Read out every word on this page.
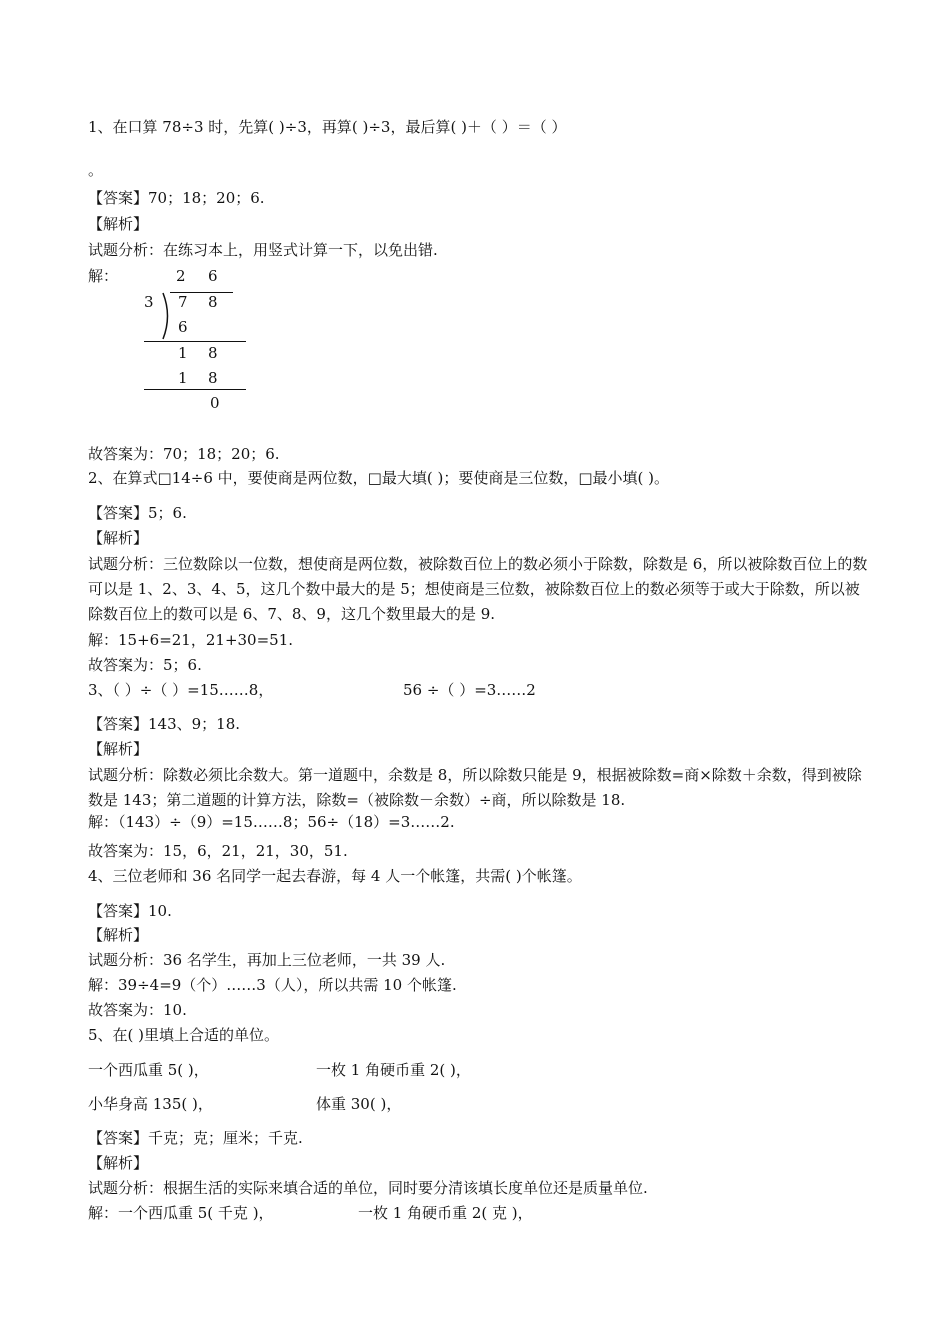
1、在口算 78÷3 时，先算( )÷3，再算( )÷3，最后算( )＋（ ）＝（ ）
。
【答案】70；18；20；6.
【解析】
试题分析：在练习本上，用竖式计算一下，以免出错.
解：	2 6
3 7 8
6
1 8
1 8
0
故答案为：70；18；20；6.
2、在算式□14÷6 中，要使商是两位数，□最大填( )；要使商是三位数，□最小填( )。
【答案】5；6.
【解析】
试题分析：三位数除以一位数，想使商是两位数，被除数百位上的数必须小于除数，除数是 6，所以被除数百位上的数可以是 1、2、3、4、5，这几个数中最大的是 5；想使商是三位数，被除数百位上的数必须等于或大于除数，所以被除数百位上的数可以是 6、7、8、9，这几个数里最大的是 9.
解：15+6=21，21+30=51.
故答案为：5；6.
3、（ ）÷（ ）=15……8，	56 ÷（ ）=3……2
【答案】143、9；18.
【解析】
试题分析：除数必须比余数大。第一道题中，余数是 8，所以除数只能是 9，根据被除数=商×除数＋余数，得到被除数是 143；第二道题的计算方法，除数=（被除数－余数）÷商，所以除数是 18.
解：（143）÷（9）=15……8；56÷（18）=3……2.
故答案为：15，6，21，21，30，51.
4、三位老师和 36 名同学一起去春游，每 4 人一个帐篷，共需( )个帐篷。
【答案】10.
【解析】
试题分析：36 名学生，再加上三位老师，一共 39 人.
解：39÷4=9（个）……3（人），所以共需 10 个帐篷.
故答案为：10.
5、在( )里填上合适的单位。
一个西瓜重 5( )，	一枚 1 角硬币重 2( )，
小华身高 135( )，	体重 30( )，
【答案】千克；克；厘米；千克.
【解析】
试题分析：根据生活的实际来填合适的单位，同时要分清该填长度单位还是质量单位.
解：一个西瓜重 5( 千克 )，	一枚 1 角硬币重 2( 克 )，
